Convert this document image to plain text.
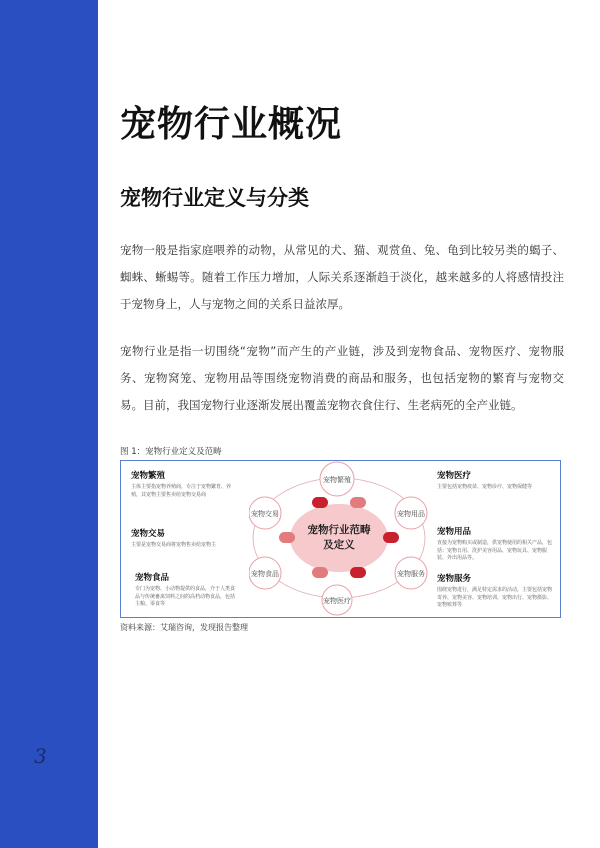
3
宠物行业概况
宠物行业定义与分类

宠物一般是指家庭喂养的动物，从常见的犬、猫、观赏鱼、兔、龟到比较另类的蝎子、蜘蛛、蜥蜴等。随着工作压力增加，人际关系逐渐趋于淡化，越来越多的人将感情投注于宠物身上，人与宠物之间的关系日益浓厚。

宠物行业是指一切围绕“宠物”而产生的产业链，涉及到宠物食品、宠物医疗、宠物服务、宠物窝笼、宠物用品等围绕宠物消费的商品和服务，也包括宠物的繁育与宠物交易。目前，我国宠物行业逐渐发展出覆盖宠物衣食住行、生老病死的全产业链。

图 1：宠物行业定义及范畴
宠物繁殖
主体主要指宠物养殖商，专注于宠物繁育、养殖，其宠物主要售卖给宠物交易商
宠物交易
主要是宠物交易商将宠物售卖给宠物主
宠物食品
专门为宠物、小动物提供的食品，介于人类食品与传统畜禽饲料之间的高档动物食品，包括主粮、零食等
宠物医疗
主要包括宠物疫苗、宠物诊疗、宠物保健等
宠物用品
直接为宠物购买或制造，供宠物使用的相关产品，包括：宠物日用、洗护美容用品、宠物玩具、宠物服装、外出用品等。
宠物服务
围绕宠物进行，满足特定需求的活动，主要包括宠物寄养、宠物美容、宠物培训、宠物出行、宠物摄影、宠物殡葬等
宠物行业范畴
及定义
宠物繁殖
宠物交易	宠物用品
宠物食品	宠物服务
宠物医疗
资料来源：艾瑞咨询，发现报告整理
